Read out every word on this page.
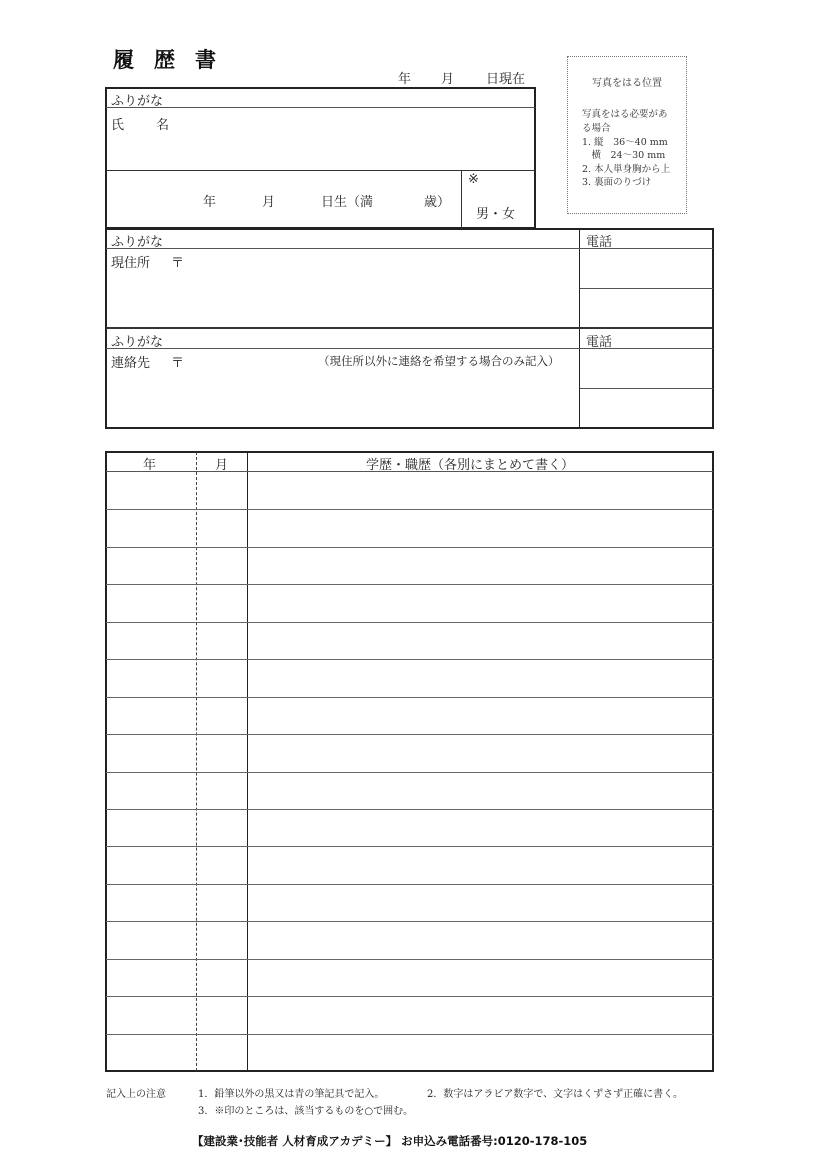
履 歴 書
年 月 日現在
ふりがな
氏 名
年	月	日生（満	歳）
※
男・女
写真をはる位置
写真をはる必要があ
る場合
1. 縦　36～40 mm
　横　24～30 mm
2. 本人単身胸から上
3. 裏面のりづけ
ふりがな	電話
現住所 〒
ふりがな	電話
連絡先 〒	（現住所以外に連絡を希望する場合のみ記入）
年	月	学歴・職歴（各別にまとめて書く）
記入上の注意	1．鉛筆以外の黒又は青の筆記具で記入。	2．数字はアラビア数字で、文字はくずさず正確に書く。
3．※印のところは、該当するものを○で囲む。
【建設業･技能者 人材育成アカデミー】 お申込み電話番号:0120-178-105
